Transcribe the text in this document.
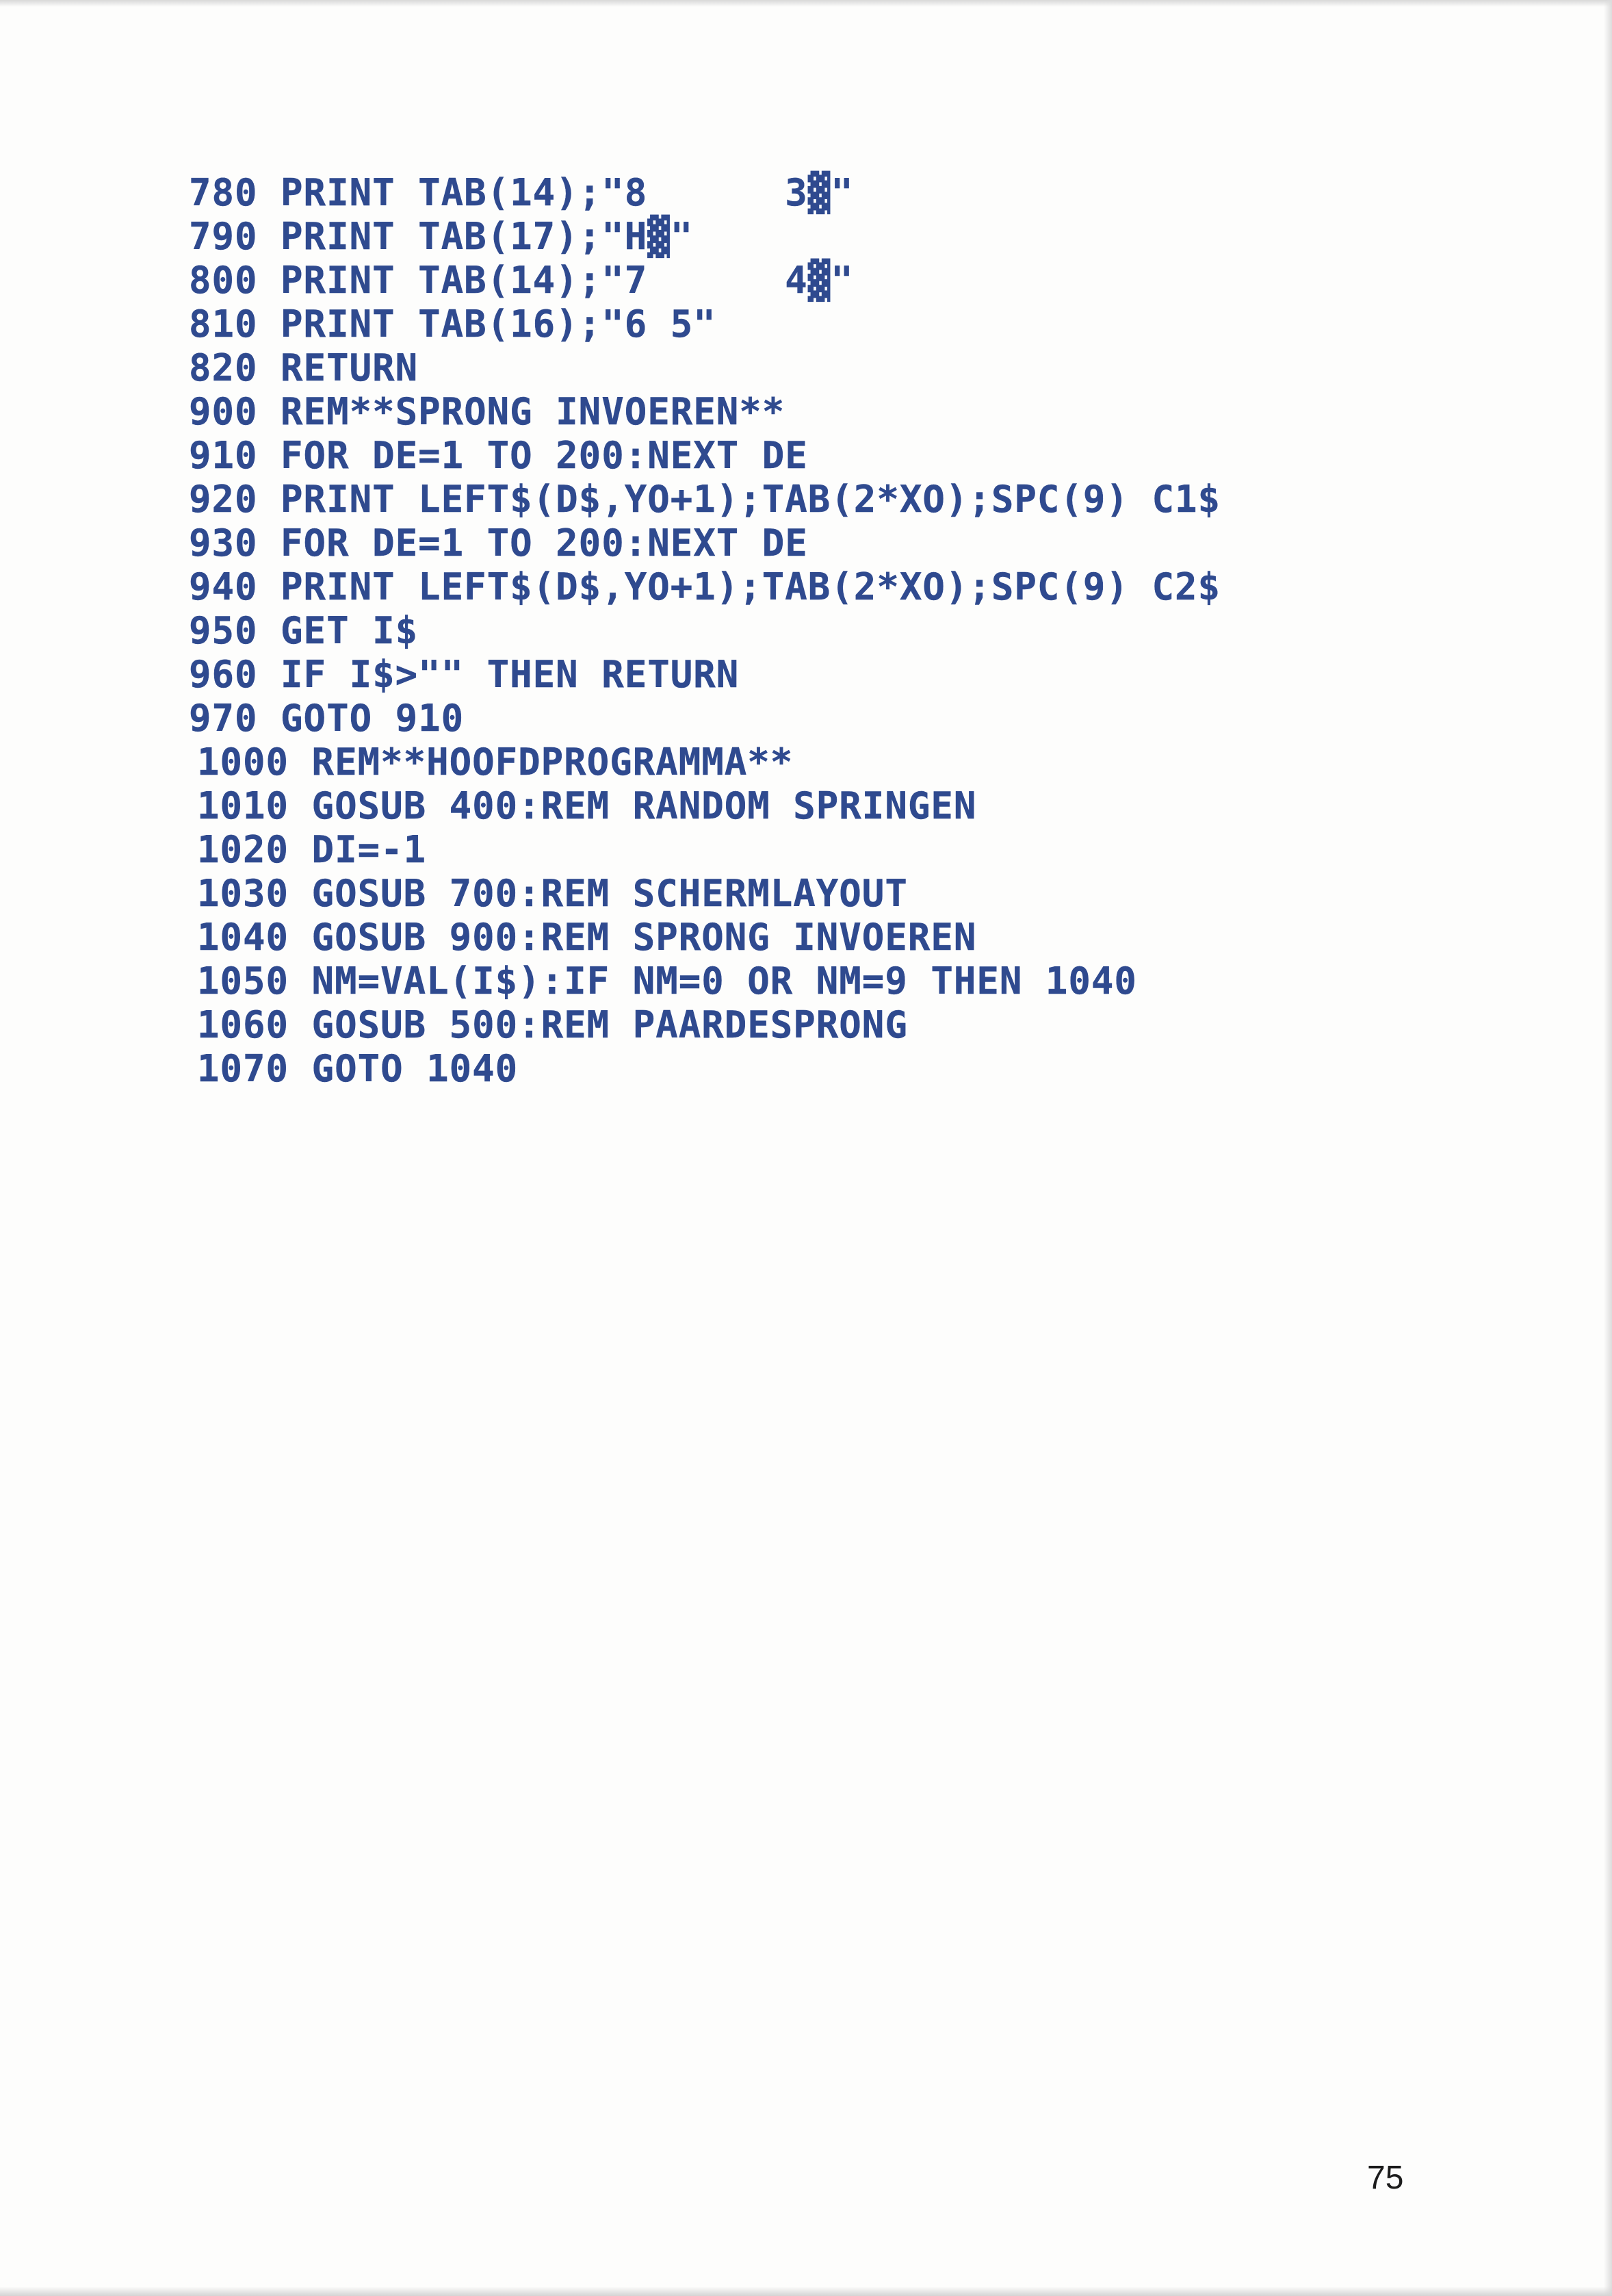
780 PRINT TAB(14);"8      3▓"
790 PRINT TAB(17);"H▓"
800 PRINT TAB(14);"7      4▓"
810 PRINT TAB(16);"6 5"
820 RETURN
900 REM**SPRONG INVOEREN**
910 FOR DE=1 TO 200:NEXT DE
920 PRINT LEFT$(D$,YO+1);TAB(2*XO);SPC(9) C1$
930 FOR DE=1 TO 200:NEXT DE
940 PRINT LEFT$(D$,YO+1);TAB(2*XO);SPC(9) C2$
950 GET I$
960 IF I$>"" THEN RETURN
970 GOTO 910
1000 REM**HOOFDPROGRAMMA**
1010 GOSUB 400:REM RANDOM SPRINGEN
1020 DI=-1
1030 GOSUB 700:REM SCHERMLAYOUT
1040 GOSUB 900:REM SPRONG INVOEREN
1050 NM=VAL(I$):IF NM=0 OR NM=9 THEN 1040
1060 GOSUB 500:REM PAARDESPRONG
1070 GOTO 1040
75
